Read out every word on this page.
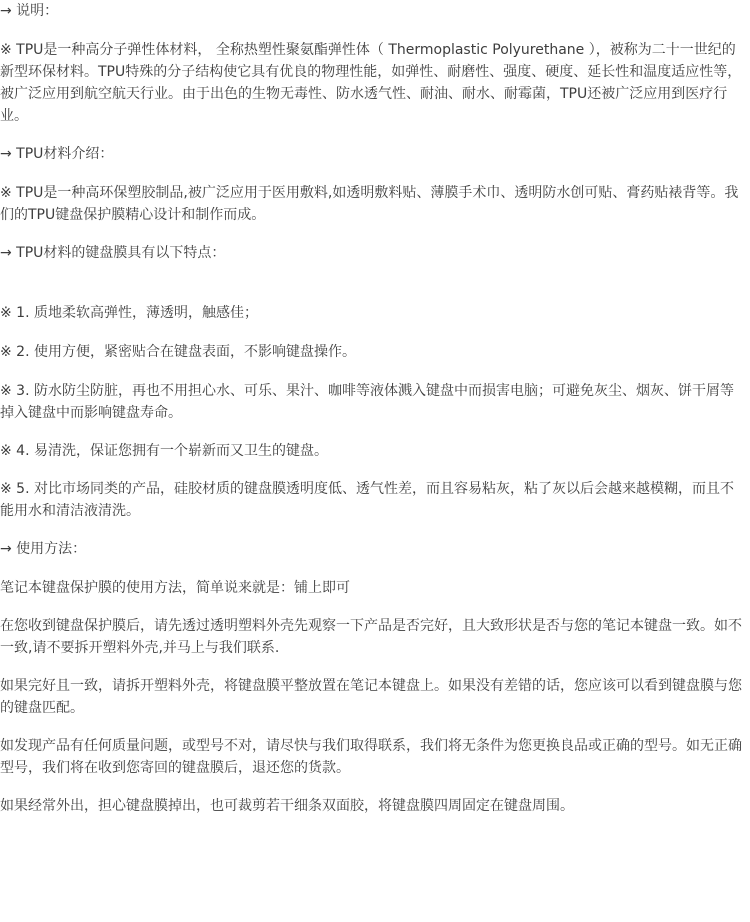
→ 说明：

※ TPU是一种高分子弹性体材料， 全称热塑性聚氨酯弹性体（ Thermoplastic Polyurethane ），被称为二十一世纪的新型环保材料。TPU特殊的分子结构使它具有优良的物理性能，如弹性、耐磨性、强度、硬度、延长性和温度适应性等，被广泛应用到航空航天行业。由于出色的生物无毒性、防水透气性、耐油、耐水、耐霉菌，TPU还被广泛应用到医疗行业。

→ TPU材料介绍：

※ TPU是一种高环保塑胶制品,被广泛应用于医用敷料,如透明敷料贴、薄膜手术巾、透明防水创可贴、膏药贴裱背等。我们的TPU键盘保护膜精心设计和制作而成。

→ TPU材料的键盘膜具有以下特点：

※ 1. 质地柔软高弹性，薄透明，触感佳；

※ 2. 使用方便，紧密贴合在键盘表面，不影响键盘操作。

※ 3. 防水防尘防脏，再也不用担心水、可乐、果汁、咖啡等液体溅入键盘中而损害电脑；可避免灰尘、烟灰、饼干屑等掉入键盘中而影响键盘寿命。

※ 4. 易清洗，保证您拥有一个崭新而又卫生的键盘。

※ 5. 对比市场同类的产品，硅胶材质的键盘膜透明度低、透气性差，而且容易粘灰，粘了灰以后会越来越模糊，而且不能用水和清洁液清洗。

→ 使用方法：

笔记本键盘保护膜的使用方法，简单说来就是：铺上即可

在您收到键盘保护膜后，请先透过透明塑料外壳先观察一下产品是否完好，且大致形状是否与您的笔记本键盘一致。如不一致,请不要拆开塑料外壳,并马上与我们联系.

如果完好且一致，请拆开塑料外壳，将键盘膜平整放置在笔记本键盘上。如果没有差错的话，您应该可以看到键盘膜与您的键盘匹配。

如发现产品有任何质量问题，或型号不对，请尽快与我们取得联系，我们将无条件为您更换良品或正确的型号。如无正确型号，我们将在收到您寄回的键盘膜后，退还您的货款。

如果经常外出，担心键盘膜掉出，也可裁剪若干细条双面胶，将键盘膜四周固定在键盘周围。
